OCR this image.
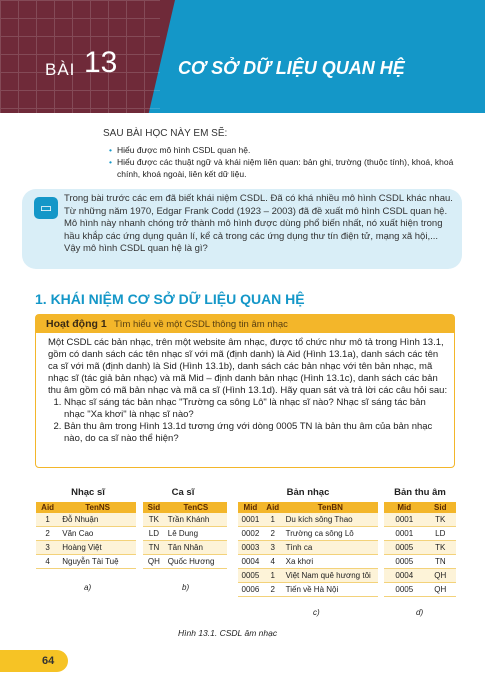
BÀI 13	CƠ SỞ DỮ LIỆU QUAN HỆ
SAU BÀI HỌC NÀY EM SẼ:
• Hiểu được mô hình CSDL quan hệ.
• Hiểu được các thuật ngữ và khái niệm liên quan: bản ghi, trường (thuộc tính), khoá, khoá chính, khoá ngoài, liên kết dữ liệu.
▭
Trong bài trước các em đã biết khái niệm CSDL. Đã có khá nhiều mô hình CSDL khác nhau. Từ những năm 1970, Edgar Frank Codd (1923 – 2003) đã đề xuất mô hình CSDL quan hệ. Mô hình này nhanh chóng trở thành mô hình được dùng phổ biến nhất, nó xuất hiện trong hầu khắp các ứng dụng quản lí, kể cả trong các ứng dụng thư tín điện tử, mạng xã hội,... Vậy mô hình CSDL quan hệ là gì?
1. KHÁI NIỆM CƠ SỞ DỮ LIỆU QUAN HỆ
Hoạt động 1 Tìm hiểu về một CSDL thông tin âm nhạc
Một CSDL các bản nhạc, trên một website âm nhạc, được tổ chức như mô tả trong Hình 13.1, gồm có danh sách các tên nhạc sĩ với mã (định danh) là Aid (Hình 13.1a), danh sách các tên ca sĩ với mã (định danh) là Sid (Hình 13.1b), danh sách các bản nhạc với tên bản nhạc, mã nhạc sĩ (tác giả bản nhạc) và mã Mid – định danh bản nhạc (Hình 13.1c), danh sách các bản thu âm gồm có mã bản nhạc và mã ca sĩ (Hình 13.1d). Hãy quan sát và trả lời các câu hỏi sau:
1. Nhạc sĩ sáng tác bản nhạc "Trường ca sông Lô" là nhạc sĩ nào? Nhạc sĩ sáng tác bản nhạc "Xa khơi" là nhạc sĩ nào?
2. Bản thu âm trong Hình 13.1d tương ứng với dòng 0005 TN là bản thu âm của bản nhạc nào, do ca sĩ nào thể hiện?
Nhạc sĩ
Aid	TenNS
1	Đỗ Nhuận
2	Văn Cao
3	Hoàng Việt
4	Nguyễn Tài Tuệ
a)
Ca sĩ
Sid	TenCS
TK	Trần Khánh
LD	Lê Dung
TN	Tân Nhân
QH	Quốc Hương
b)
Bản nhạc
Mid	Aid	TenBN
0001	1	Du kích sông Thao
0002	2	Trường ca sông Lô
0003	3	Tình ca
0004	4	Xa khơi
0005	1	Việt Nam quê hương tôi
0006	2	Tiến về Hà Nội
c)
Bản thu âm
Mid	Sid
0001	TK
0001	LD
0005	TK
0005	TN
0004	QH
0005	QH
d)
Hình 13.1. CSDL âm nhạc
64
